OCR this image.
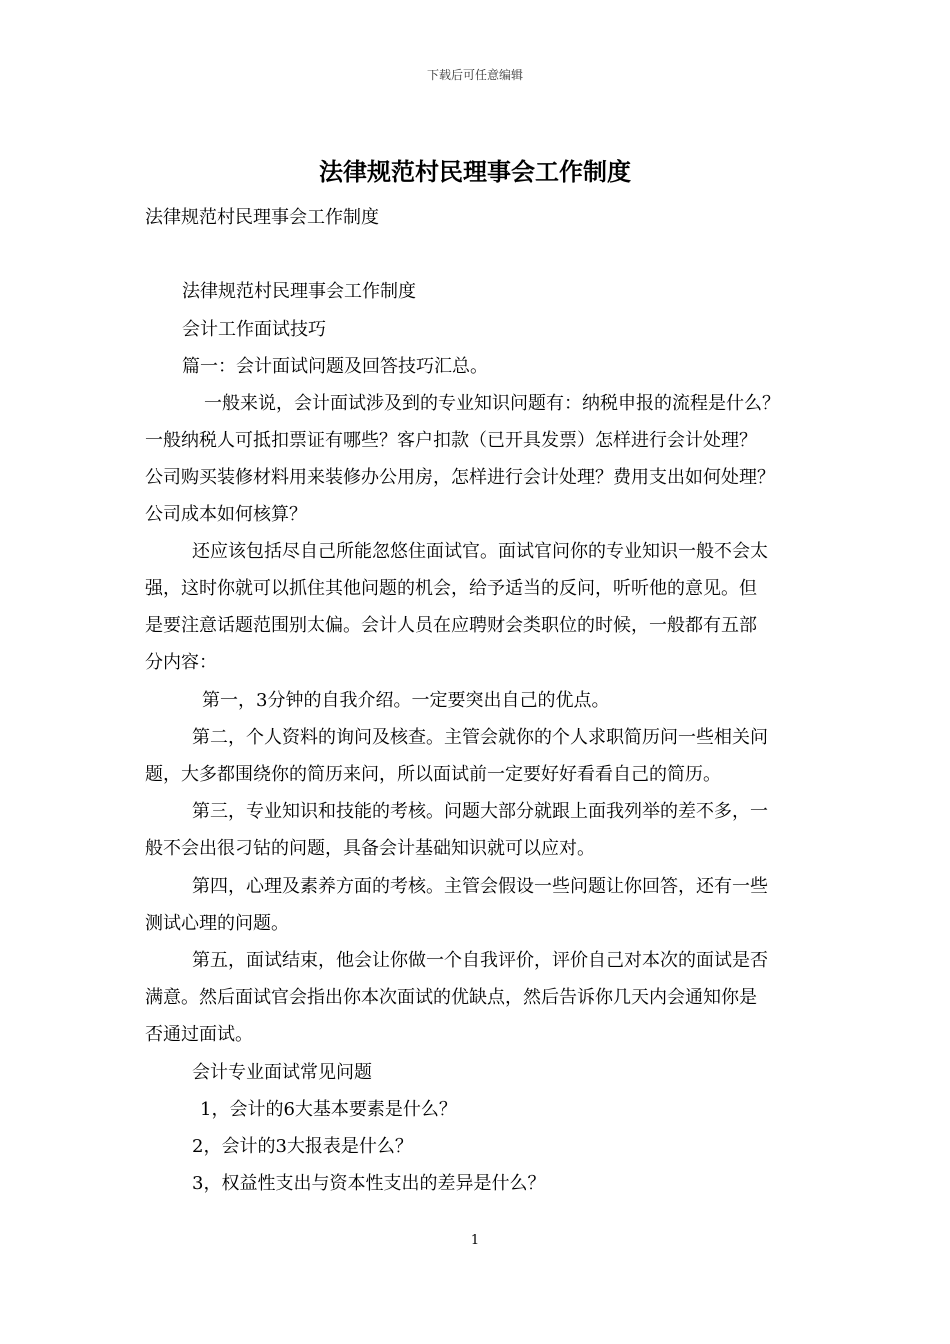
下载后可任意编辑
法律规范村民理事会工作制度
法律规范村民理事会工作制度
法律规范村民理事会工作制度
会计工作面试技巧
篇一：会计面试问题及回答技巧汇总。
一般来说，会计面试涉及到的专业知识问题有：纳税申报的流程是什么？
一般纳税人可抵扣票证有哪些？客户扣款（已开具发票）怎样进行会计处理？
公司购买装修材料用来装修办公用房，怎样进行会计处理？费用支出如何处理？
公司成本如何核算？
还应该包括尽自己所能忽悠住面试官。面试官问你的专业知识一般不会太
强，这时你就可以抓住其他问题的机会，给予适当的反问，听听他的意见。但
是要注意话题范围别太偏。会计人员在应聘财会类职位的时候，一般都有五部
分内容：
第一，3分钟的自我介绍。一定要突出自己的优点。
第二，个人资料的询问及核查。主管会就你的个人求职简历问一些相关问
题，大多都围绕你的简历来问，所以面试前一定要好好看看自己的简历。
第三，专业知识和技能的考核。问题大部分就跟上面我列举的差不多，一
般不会出很刁钻的问题，具备会计基础知识就可以应对。
第四，心理及素养方面的考核。主管会假设一些问题让你回答，还有一些
测试心理的问题。
第五，面试结束，他会让你做一个自我评价，评价自己对本次的面试是否
满意。然后面试官会指出你本次面试的优缺点，然后告诉你几天内会通知你是
否通过面试。
会计专业面试常见问题
1，会计的6大基本要素是什么？
2，会计的3大报表是什么？
3，权益性支出与资本性支出的差异是什么？
1
